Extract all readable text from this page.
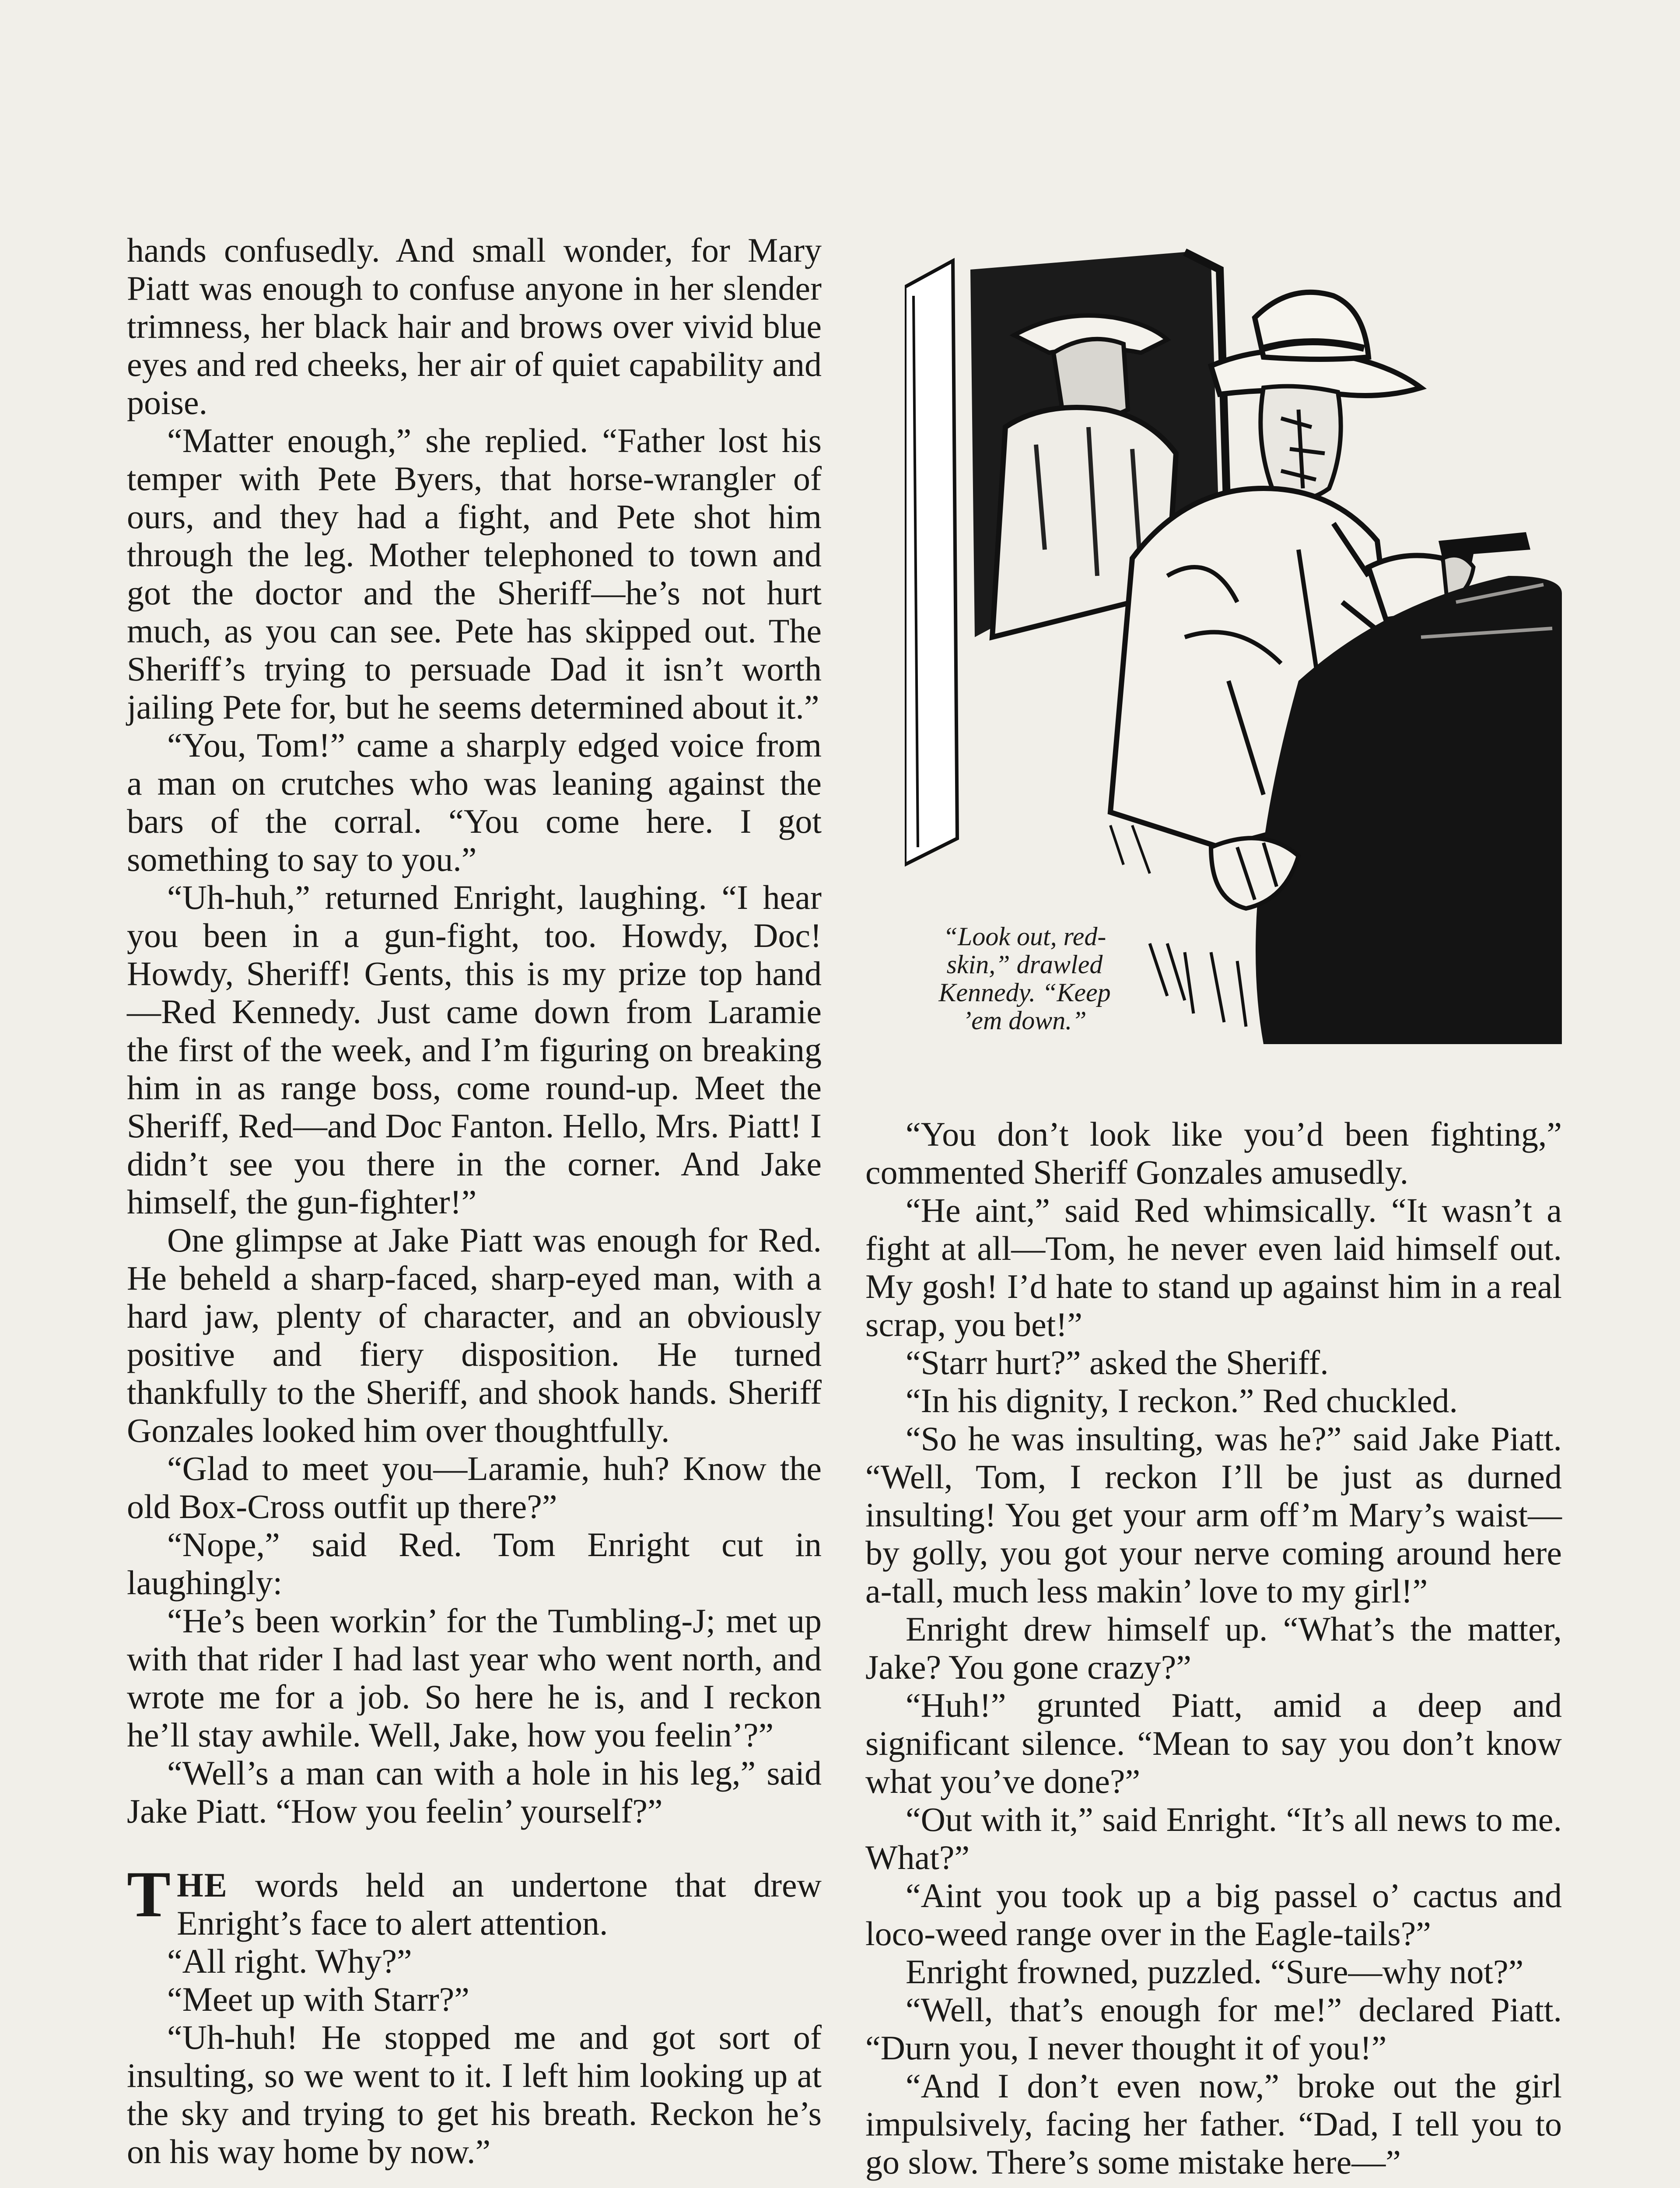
hands confusedly. And small wonder, for Mary Piatt was enough to confuse anyone in her slender trimness, her black hair and brows over vivid blue eyes and red cheeks, her air of quiet capability and poise.

“Matter enough,” she replied. “Father lost his temper with Pete Byers, that horse-wrangler of ours, and they had a fight, and Pete shot him through the leg. Mother telephoned to town and got the doctor and the Sheriff—he’s not hurt much, as you can see. Pete has skipped out. The Sheriff’s trying to persuade Dad it isn’t worth jailing Pete for, but he seems determined about it.”

“You, Tom!” came a sharply edged voice from a man on crutches who was leaning against the bars of the corral. “You come here. I got something to say to you.”

“Uh-huh,” returned Enright, laughing. “I hear you been in a gun-fight, too. Howdy, Doc! Howdy, Sheriff! Gents, this is my prize top hand—Red Kennedy. Just came down from Laramie the first of the week, and I’m figuring on breaking him in as range boss, come round-up. Meet the Sheriff, Red—and Doc Fanton. Hello, Mrs. Piatt! I didn’t see you there in the corner. And Jake himself, the gun-fighter!”

One glimpse at Jake Piatt was enough for Red. He beheld a sharp-faced, sharp-eyed man, with a hard jaw, plenty of character, and an obviously positive and fiery disposition. He turned thankfully to the Sheriff, and shook hands. Sheriff Gonzales looked him over thoughtfully.

“Glad to meet you—Laramie, huh? Know the old Box-Cross outfit up there?”

“Nope,” said Red. Tom Enright cut in laughingly:

“He’s been workin’ for the Tumbling-J; met up with that rider I had last year who went north, and wrote me for a job. So here he is, and I reckon he’ll stay awhile. Well, Jake, how you feelin’?”

“Well’s a man can with a hole in his leg,” said Jake Piatt. “How you feelin’ yourself?”

THE words held an undertone that drew Enright’s face to alert attention.

“All right. Why?”

“Meet up with Starr?”

“Uh-huh! He stopped me and got sort of insulting, so we went to it. I left him looking up at the sky and trying to get his breath. Reckon he’s on his way home by now.”

“Look out, red-
skin,” drawled
Kennedy. “Keep
’em down.”

“You don’t look like you’d been fighting,” commented Sheriff Gonzales amusedly.

“He aint,” said Red whimsically. “It wasn’t a fight at all—Tom, he never even laid himself out. My gosh! I’d hate to stand up against him in a real scrap, you bet!”

“Starr hurt?” asked the Sheriff.

“In his dignity, I reckon.” Red chuckled.

“So he was insulting, was he?” said Jake Piatt. “Well, Tom, I reckon I’ll be just as durned insulting! You get your arm off’m Mary’s waist—by golly, you got your nerve coming around here a-tall, much less makin’ love to my girl!”

Enright drew himself up. “What’s the matter, Jake? You gone crazy?”

“Huh!” grunted Piatt, amid a deep and significant silence. “Mean to say you don’t know what you’ve done?”

“Out with it,” said Enright. “It’s all news to me. What?”

“Aint you took up a big passel o’ cactus and loco-weed range over in the Eagle-tails?”

Enright frowned, puzzled. “Sure—why not?”

“Well, that’s enough for me!” declared Piatt. “Durn you, I never thought it of you!”

“And I don’t even now,” broke out the girl impulsively, facing her father. “Dad, I tell you to go slow. There’s some mistake here—”
